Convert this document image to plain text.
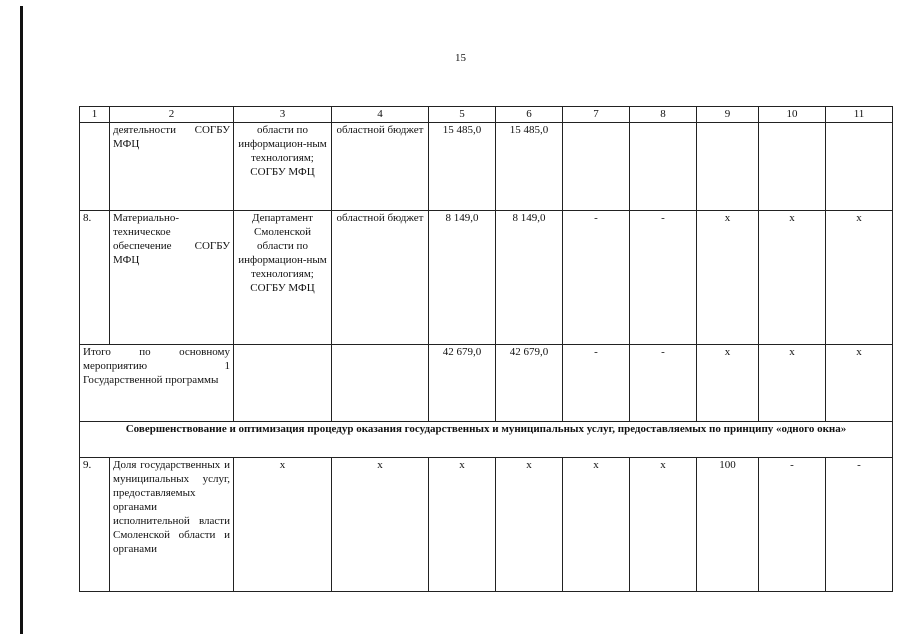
15
1	2	3	4	5	6	7	8	9	10	11
	деятельности СОГБУ МФЦ	области по информацион-ным технологиям; СОГБУ МФЦ	областной бюджет	15 485,0	15 485,0					
8.	Материально-техническое обеспечение СОГБУ МФЦ	Департамент Смоленской области по информацион-ным технологиям; СОГБУ МФЦ	областной бюджет	8 149,0	8 149,0	-	-	х	х	х
Итого по основному мероприятию 1 Государственной программы				42 679,0	42 679,0	-	-	х	х	х
Совершенствование и оптимизация процедур оказания государственных и муниципальных услуг, предоставляемых по принципу «одного окна»										
9.	Доля государственных и муниципальных услуг, предоставляемых органами исполнительной власти Смоленской области и органами	х	х	х	х	х	х	100	-	-
